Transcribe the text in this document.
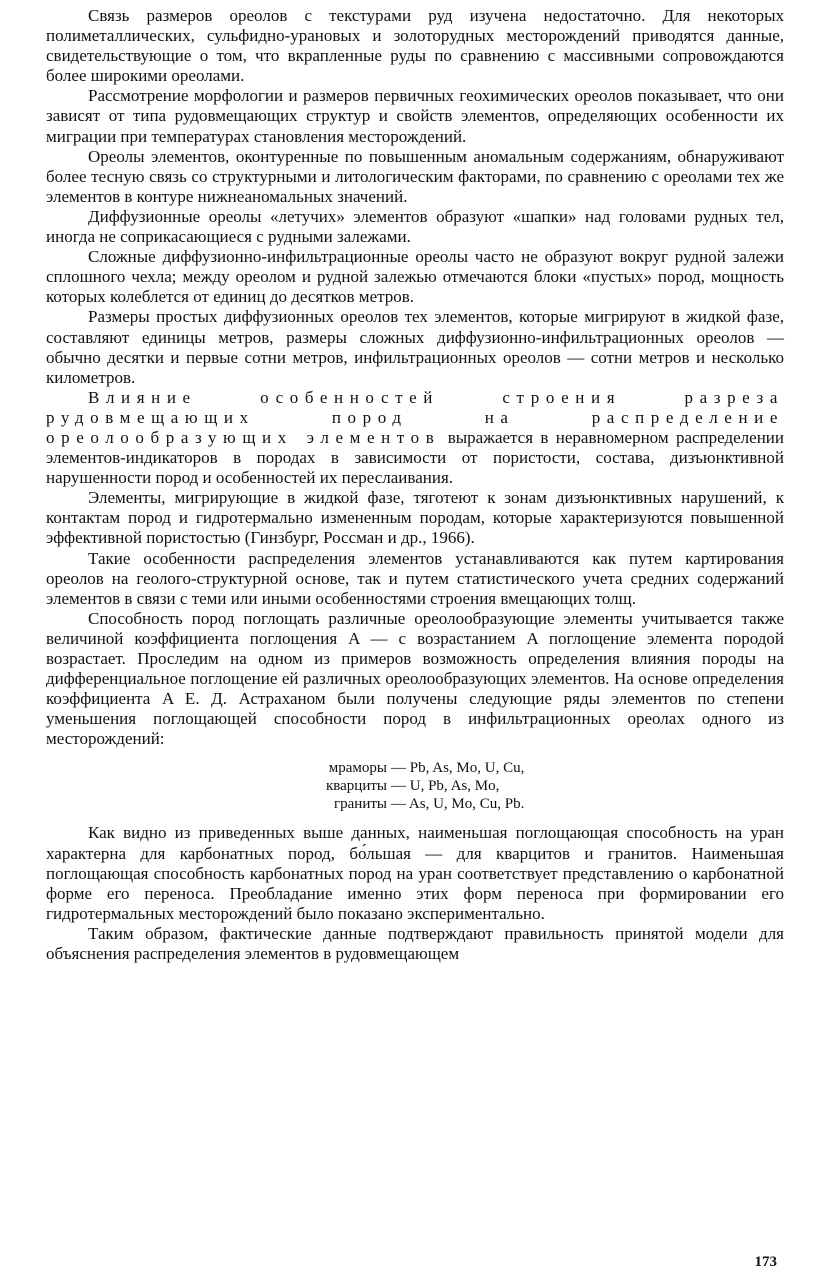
Связь размеров ореолов с текстурами руд изучена недостаточно. Для некоторых полиметаллических, сульфидно-урановых и золоторудных месторождений приводятся данные, свидетельствующие о том, что вкрапленные руды по сравнению с массивными сопровождаются более широкими ореолами.

Рассмотрение морфологии и размеров первичных геохимических ореолов показывает, что они зависят от типа рудовмещающих структур и свойств элементов, определяющих особенности их миграции при температурах становления месторождений.

Ореолы элементов, оконтуренные по повышенным аномальным содержаниям, обнаруживают более тесную связь со структурными и литологическим факторами, по сравнению с ореолами тех же элементов в контуре нижнеаномальных значений.

Диффузионные ореолы «летучих» элементов образуют «шапки» над головами рудных тел, иногда не соприкасающиеся с рудными залежами.

Сложные диффузионно-инфильтрационные ореолы часто не образуют вокруг рудной залежи сплошного чехла; между ореолом и рудной залежью отмечаются блоки «пустых» пород, мощность которых колеблется от единиц до десятков метров.

Размеры простых диффузионных ореолов тех элементов, которые мигрируют в жидкой фазе, составляют единицы метров, размеры сложных диффузионно-инфильтрационных ореолов — обычно десятки и первые сотни метров, инфильтрационных ореолов — сотни метров и несколько километров.

Влияние особенностей строения разреза рудовмещающих пород на распределение ореолообразующих элементов выражается в неравномерном распределении элементов-индикаторов в породах в зависимости от пористости, состава, дизъюнктивной нарушенности пород и особенностей их переслаивания.

Элементы, мигрирующие в жидкой фазе, тяготеют к зонам дизъюнктивных нарушений, к контактам пород и гидротермально измененным породам, которые характеризуются повышенной эффективной пористостью (Гинзбург, Россман и др., 1966).

Такие особенности распределения элементов устанавливаются как путем картирования ореолов на геолого-структурной основе, так и путем статистического учета средних содержаний элементов в связи с теми или иными особенностями строения вмещающих толщ.

Способность пород поглощать различные ореолообразующие элементы учитывается также величиной коэффициента поглощения A — с возрастанием A поглощение элемента породой возрастает. Проследим на одном из примеров возможность определения влияния породы на дифференциальное поглощение ей различных ореолообразующих элементов. На основе определения коэффициента A Е. Д. Астраханом были получены следующие ряды элементов по степени уменьшения поглощающей способности пород в инфильтрационных ореолах одного из месторождений:

мраморы — Pb, As, Mo, U, Cu,
кварциты — U, Pb, As, Mo,
граниты — As, U, Mo, Cu, Pb.

Как видно из приведенных выше данных, наименьшая поглощающая способность на уран характерна для карбонатных пород, бо́льшая — для кварцитов и гранитов. Наименьшая поглощающая способность карбонатных пород на уран соответствует представлению о карбонатной форме его переноса. Преобладание именно этих форм переноса при формировании его гидротермальных месторождений было показано экспериментально.

Таким образом, фактические данные подтверждают правильность принятой модели для объяснения распределения элементов в рудовмещающем

173
